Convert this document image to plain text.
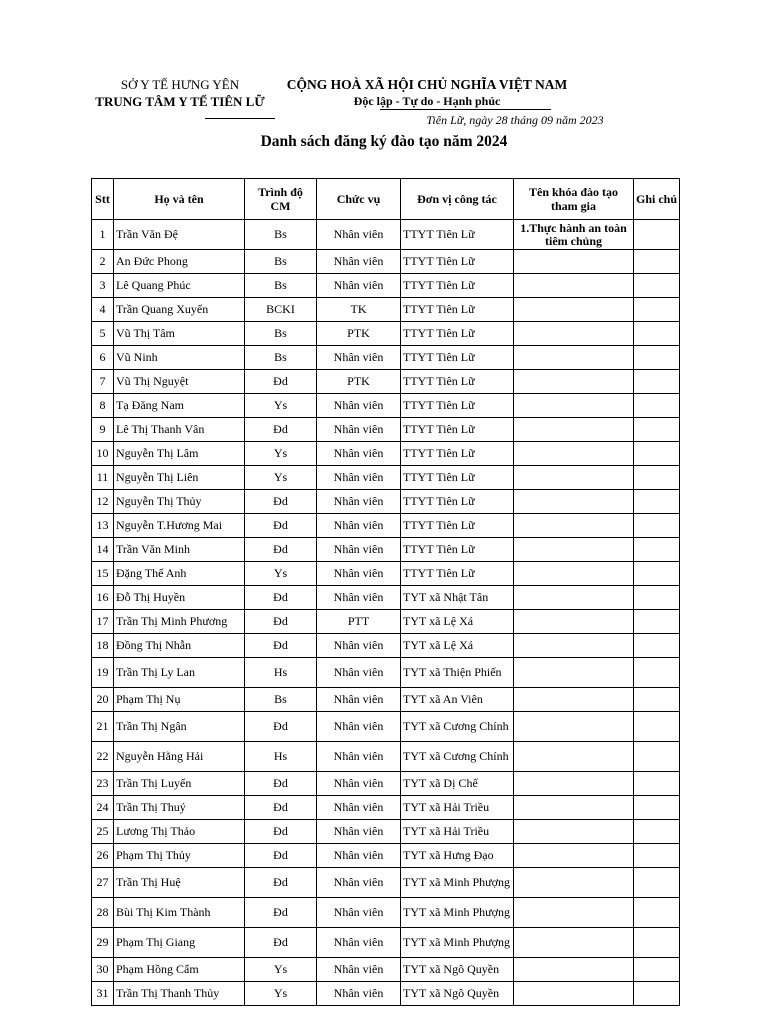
SỞ Y TẾ HƯNG YÊN
TRUNG TÂM Y TẾ TIÊN LỮ
CỘNG HOÀ XÃ HỘI CHỦ NGHĨA VIỆT NAM
Độc lập - Tự do - Hạnh phúc
Tiên Lữ, ngày 28 tháng 09 năm 2023
Danh sách đăng ký đào tạo năm 2024
Stt	Họ và tên	Trình độ CM	Chức vụ	Đơn vị công tác	Tên khóa đào tạo tham gia	Ghi chú
1	Trần Văn Đệ	Bs	Nhân viên	TTYT Tiên Lữ	1.Thực hành an toàn tiêm chủng	
2	An Đức Phong	Bs	Nhân viên	TTYT Tiên Lữ		
3	Lê Quang Phúc	Bs	Nhân viên	TTYT Tiên Lữ		
4	Trần Quang Xuyến	BCKI	TK	TTYT Tiên Lữ		
5	Vũ Thị Tâm	Bs	PTK	TTYT Tiên Lữ		
6	Vũ Ninh	Bs	Nhân viên	TTYT Tiên Lữ		
7	Vũ Thị Nguyệt	Đd	PTK	TTYT Tiên Lữ		
8	Tạ Đăng Nam	Ys	Nhân viên	TTYT Tiên Lữ		
9	Lê Thị Thanh Vân	Đd	Nhân viên	TTYT Tiên Lữ		
10	Nguyễn Thị Lâm	Ys	Nhân viên	TTYT Tiên Lữ		
11	Nguyễn Thị Liên	Ys	Nhân viên	TTYT Tiên Lữ		
12	Nguyễn Thị Thủy	Đd	Nhân viên	TTYT Tiên Lữ		
13	Nguyễn T.Hương Mai	Đd	Nhân viên	TTYT Tiên Lữ		
14	Trần Văn Minh	Đd	Nhân viên	TTYT Tiên Lữ		
15	Đặng Thế Anh	Ys	Nhân viên	TTYT Tiên Lữ		
16	Đỗ Thị Huyền	Đd	Nhân viên	TYT xã Nhật Tân		
17	Trần Thị Minh Phương	Đd	PTT	TYT xã Lệ Xá		
18	Đồng Thị Nhẫn	Đd	Nhân viên	TYT xã Lệ Xá		
19	Trần Thị Ly Lan	Hs	Nhân viên	TYT xã Thiện Phiến		
20	Phạm Thị Nụ	Bs	Nhân viên	TYT xã An Viên		
21	Trần Thị Ngân	Đd	Nhân viên	TYT xã Cương Chính		
22	Nguyễn Hằng Hải	Hs	Nhân viên	TYT xã Cương Chính		
23	Trần Thị Luyến	Đd	Nhân viên	TYT xã Dị Chế		
24	Trần Thị Thuý	Đd	Nhân viên	TYT xã Hải Triều		
25	Lương Thị Thảo	Đd	Nhân viên	TYT xã Hải Triều		
26	Phạm Thị Thủy	Đd	Nhân viên	TYT xã Hưng Đạo		
27	Trần Thị Huệ	Đd	Nhân viên	TYT xã Minh Phượng		
28	Bùi Thị Kim Thành	Đd	Nhân viên	TYT xã Minh Phượng		
29	Phạm Thị Giang	Đd	Nhân viên	TYT xã Minh Phượng		
30	Phạm Hồng Cẩm	Ys	Nhân viên	TYT xã Ngô Quyền		
31	Trần Thị Thanh Thủy	Ys	Nhân viên	TYT xã Ngô Quyền		
